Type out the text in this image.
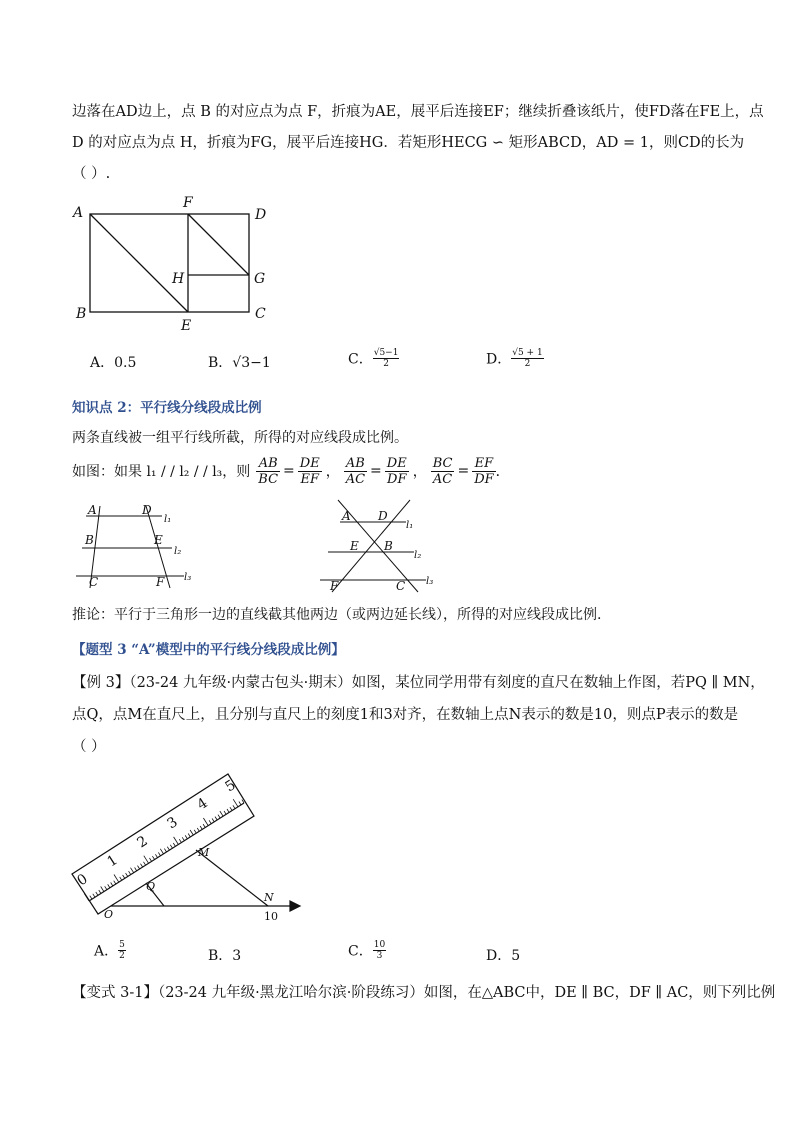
边落在AD边上，点 B 的对应点为点 F，折痕为AE，展平后连接EF；继续折叠该纸片，使FD落在FE上，点
D 的对应点为点 H，折痕为FG，展平后连接HG．若矩形HECG ∽ 矩形ABCD，AD = 1，则CD的长为
（ ）.
A
F
D
H	G
B
E
C
A．0.5	B．√3−1	C． $\frac{√5-1}{2}$	D． $\frac{√5 + 1}{2}$
知识点 2：平行线分线段成比例
两条直线被一组平行线所截，所得的对应线段成比例。
如图：如果 l₁ / / l₂ / / l₃，则 $\frac{AB}{BC} = \frac{DE}{EF}$ ， $\frac{AB}{AC} = \frac{DE}{DF}$ ， $\frac{BC}{AC} = \frac{EF}{DF}$ ．
A	D
l₁
B	E
l₂
C	F l₃
A D
l₁
E B
l₂
F	C l₃
推论：平行于三角形一边的直线截其他两边（或两边延长线），所得的对应线段成比例.
【题型 3 “A”模型中的平行线分线段成比例】
【例 3】（23-24 九年级·内蒙古包头·期末）如图，某位同学用带有刻度的直尺在数轴上作图，若PQ ∥ MN，
点Q，点M在直尺上，且分别与直尺上的刻度1和3对齐，在数轴上点N表示的数是10，则点P表示的数是
（ ）
0
1
2
3
4
5
M
Q
N
O	10
A． $\frac{5}{2}$	B．3	C． $\frac{10}{3}$	D．5
【变式 3-1】（23-24 九年级·黑龙江哈尔滨·阶段练习）如图，在△ABC中，DE ∥ BC，DF ∥ AC，则下列比例
